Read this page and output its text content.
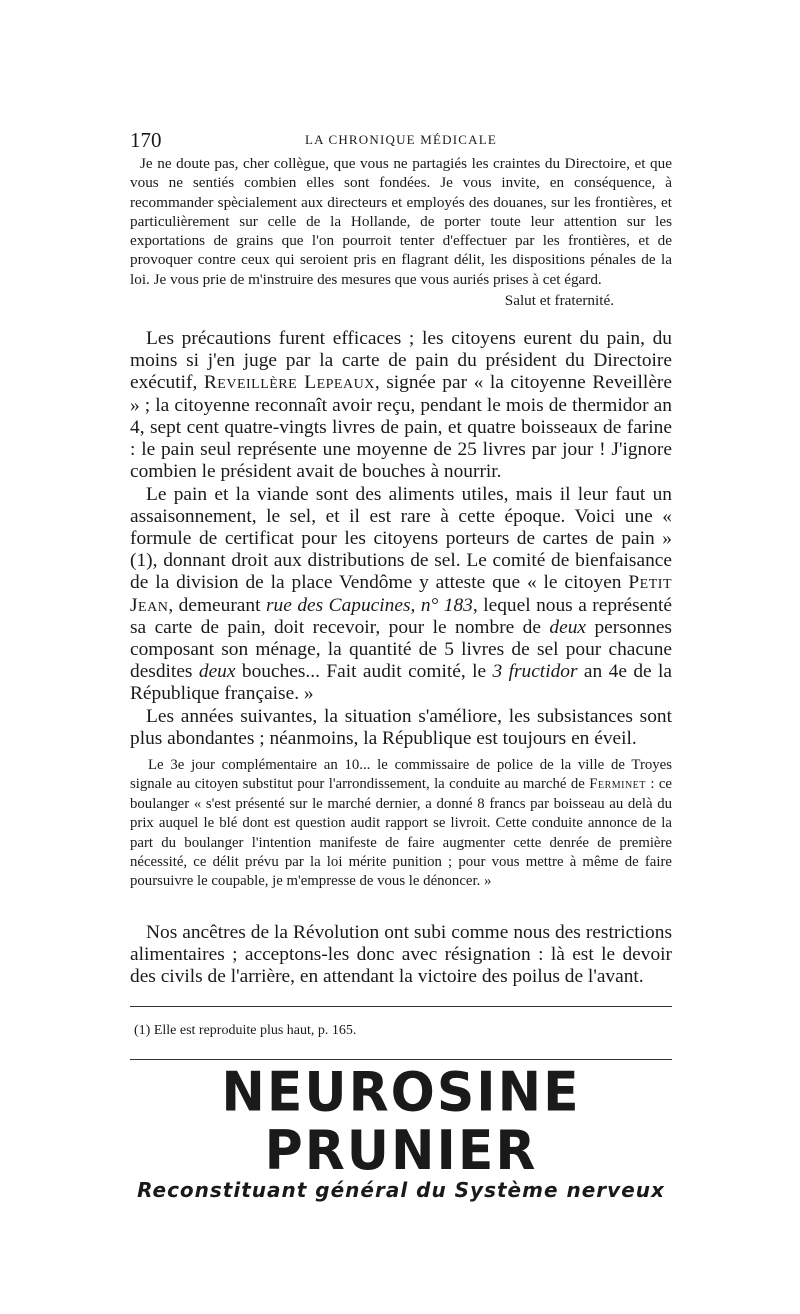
170	LA CHRONIQUE MÉDICALE

Je ne doute pas, cher collègue, que vous ne partagiés les craintes du Directoire, et que vous ne sentiés combien elles sont fondées. Je vous invite, en conséquence, à recommander spècialement aux directeurs et employés des douanes, sur les frontières, et particulièrement sur celle de la Hollande, de porter toute leur attention sur les exportations de grains que l'on pourroit tenter d'effectuer par les frontières, et de provoquer contre ceux qui seroient pris en flagrant délit, les dispositions pénales de la loi. Je vous prie de m'instruire des mesures que vous auriés prises à cet égard.

Salut et fraternité.

Les précautions furent efficaces ; les citoyens eurent du pain, du moins si j'en juge par la carte de pain du président du Directoire exécutif, Reveillère Lepeaux, signée par « la citoyenne Reveillère » ; la citoyenne reconnaît avoir reçu, pendant le mois de thermidor an 4, sept cent quatre-vingts livres de pain, et quatre boisseaux de farine : le pain seul représente une moyenne de 25 livres par jour ! J'ignore combien le président avait de bouches à nourrir.

Le pain et la viande sont des aliments utiles, mais il leur faut un assaisonnement, le sel, et il est rare à cette époque. Voici une « formule de certificat pour les citoyens porteurs de cartes de pain » (1), donnant droit aux distributions de sel. Le comité de bienfaisance de la division de la place Vendôme y atteste que « le citoyen Petit Jean, demeurant rue des Capucines, n° 183, lequel nous a représenté sa carte de pain, doit recevoir, pour le nombre de deux personnes composant son ménage, la quantité de 5 livres de sel pour chacune desdites deux bouches... Fait audit comité, le 3 fructidor an 4e de la République française. »

Les années suivantes, la situation s'améliore, les subsistances sont plus abondantes ; néanmoins, la République est toujours en éveil.

Le 3e jour complémentaire an 10... le commissaire de police de la ville de Troyes signale au citoyen substitut pour l'arrondissement, la conduite au marché de Ferminet : ce boulanger « s'est présenté sur le marché dernier, a donné 8 francs par boisseau au delà du prix auquel le blé dont est question audit rapport se livroit. Cette conduite annonce de la part du boulanger l'intention manifeste de faire augmenter cette denrée de première nécessité, ce délit prévu par la loi mérite punition ; pour vous mettre à même de faire poursuivre le coupable, je m'empresse de vous le dénoncer. »

Nos ancêtres de la Révolution ont subi comme nous des restrictions alimentaires ; acceptons-les donc avec résignation : là est le devoir des civils de l'arrière, en attendant la victoire des poilus de l'avant.

(1) Elle est reproduite plus haut, p. 165.
NEUROSINE PRUNIER
Reconstituant général du Système nerveux
